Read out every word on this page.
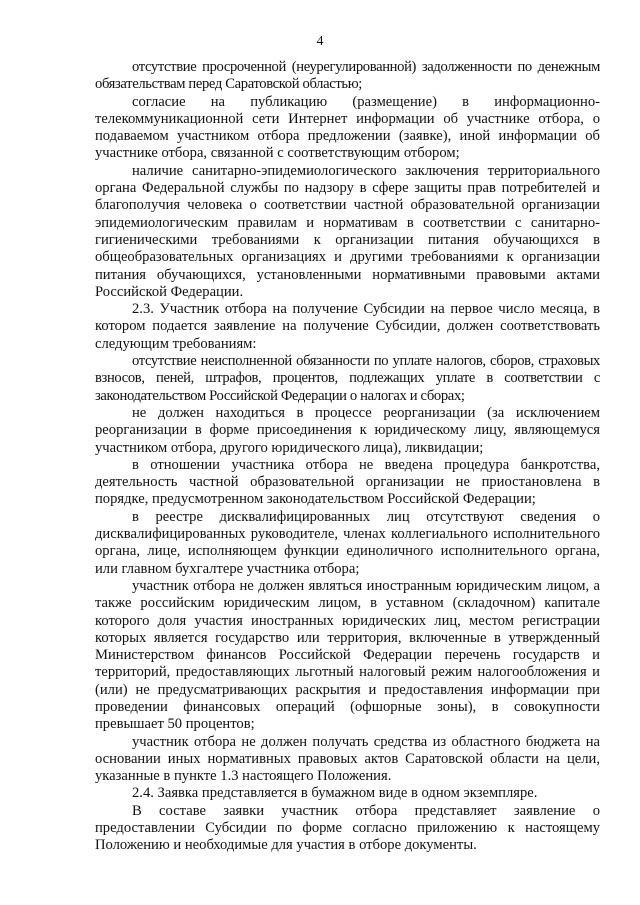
4

отсутствие просроченной (неурегулированной) задолженности по денежным обязательствам перед Саратовской областью;

согласие на публикацию (размещение) в информационно-телекоммуникационной сети Интернет информации об участнике отбора, о подаваемом участником отбора предложении (заявке), иной информации об участнике отбора, связанной с соответствующим отбором;

наличие санитарно-эпидемиологического заключения территориального органа Федеральной службы по надзору в сфере защиты прав потребителей и благополучия человека о соответствии частной образовательной организации эпидемиологическим правилам и нормативам в соответствии с санитарно-гигиеническими требованиями к организации питания обучающихся в общеобразовательных организациях и другими требованиями к организации питания обучающихся, установленными нормативными правовыми актами Российской Федерации.

2.3. Участник отбора на получение Субсидии на первое число месяца, в котором подается заявление на получение Субсидии, должен соответствовать следующим требованиям:

отсутствие неисполненной обязанности по уплате налогов, сборов, страховых взносов, пеней, штрафов, процентов, подлежащих уплате в соответствии с законодательством Российской Федерации о налогах и сборах;

не должен находиться в процессе реорганизации (за исключением реорганизации в форме присоединения к юридическому лицу, являющемуся участником отбора, другого юридического лица), ликвидации;

в отношении участника отбора не введена процедура банкротства, деятельность частной образовательной организации не приостановлена в порядке, предусмотренном законодательством Российской Федерации;

в реестре дисквалифицированных лиц отсутствуют сведения о дисквалифицированных руководителе, членах коллегиального исполнительного органа, лице, исполняющем функции единоличного исполнительного органа, или главном бухгалтере участника отбора;

участник отбора не должен являться иностранным юридическим лицом, а также российским юридическим лицом, в уставном (складочном) капитале которого доля участия иностранных юридических лиц, местом регистрации которых является государство или территория, включенные в утвержденный Министерством финансов Российской Федерации перечень государств и территорий, предоставляющих льготный налоговый режим налогообложения и (или) не предусматривающих раскрытия и предоставления информации при проведении финансовых операций (офшорные зоны), в совокупности превышает 50 процентов;

участник отбора не должен получать средства из областного бюджета на основании иных нормативных правовых актов Саратовской области на цели, указанные в пункте 1.3 настоящего Положения.

2.4. Заявка представляется в бумажном виде в одном экземпляре.

В составе заявки участник отбора представляет заявление о предоставлении Субсидии по форме согласно приложению к настоящему Положению и необходимые для участия в отборе документы.
